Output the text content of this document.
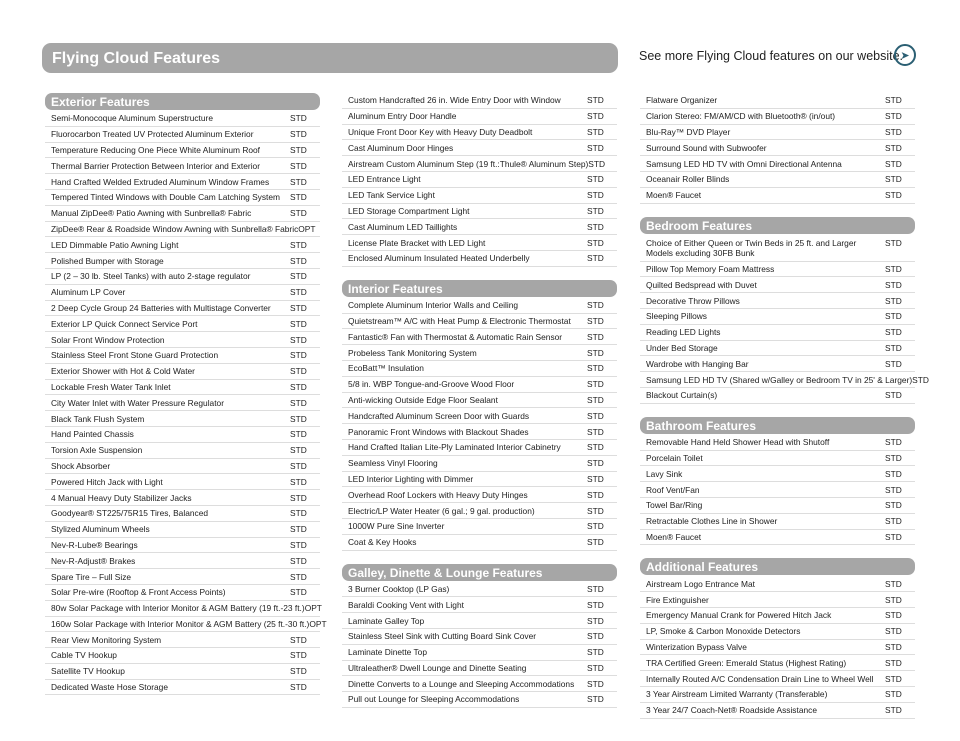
Flying Cloud Features	See more Flying Cloud features on our website.
➤
Exterior Features
Semi-Monocoque Aluminum Superstructure	STD
Fluorocarbon Treated UV Protected Aluminum Exterior	STD
Temperature Reducing One Piece White Aluminum Roof	STD
Thermal Barrier Protection Between Interior and Exterior	STD
Hand Crafted Welded Extruded Aluminum Window Frames	STD
Tempered Tinted Windows with Double Cam Latching System	STD
Manual ZipDee® Patio Awning with Sunbrella® Fabric	STD
ZipDee® Rear & Roadside Window Awning with Sunbrella® Fabric OPT
LED Dimmable Patio Awning Light	STD
Polished Bumper with Storage	STD
LP (2 – 30 lb. Steel Tanks) with auto 2-stage regulator	STD
Aluminum LP Cover	STD
2 Deep Cycle Group 24 Batteries with Multistage Converter	STD
Exterior LP Quick Connect Service Port	STD
Solar Front Window Protection	STD
Stainless Steel Front Stone Guard Protection	STD
Exterior Shower with Hot & Cold Water	STD
Lockable Fresh Water Tank Inlet	STD
City Water Inlet with Water Pressure Regulator	STD
Black Tank Flush System	STD
Hand Painted Chassis	STD
Torsion Axle Suspension	STD
Shock Absorber	STD
Powered Hitch Jack with Light	STD
4 Manual Heavy Duty Stabilizer Jacks	STD
Goodyear® ST225/75R15 Tires, Balanced	STD
Stylized Aluminum Wheels	STD
Nev-R-Lube® Bearings	STD
Nev-R-Adjust® Brakes	STD
Spare Tire – Full Size	STD
Solar Pre-wire (Rooftop & Front Access Points)	STD
80w Solar Package with Interior Monitor & AGM Battery (19 ft.-23 ft.) OPT
160w Solar Package with Interior Monitor & AGM Battery (25 ft.-30 ft.) OPT
Rear View Monitoring System	STD
Cable TV Hookup	STD
Satellite TV Hookup	STD
Dedicated Waste Hose Storage	STD
Custom Handcrafted 26 in. Wide Entry Door with Window	STD
Aluminum Entry Door Handle	STD
Unique Front Door Key with Heavy Duty Deadbolt	STD
Cast Aluminum Door Hinges	STD
Airstream Custom Aluminum Step (19 ft.:Thule® Aluminum Step) STD
LED Entrance Light	STD
LED Tank Service Light	STD
LED Storage Compartment Light	STD
Cast Aluminum LED Taillights	STD
License Plate Bracket with LED Light	STD
Enclosed Aluminum Insulated Heated Underbelly	STD
Interior Features
Complete Aluminum Interior Walls and Ceiling	STD
Quietstream™ A/C with Heat Pump & Electronic Thermostat	STD
Fantastic® Fan with Thermostat & Automatic Rain Sensor	STD
Probeless Tank Monitoring System	STD
EcoBatt™ Insulation	STD
5/8 in. WBP Tongue-and-Groove Wood Floor	STD
Anti-wicking Outside Edge Floor Sealant	STD
Handcrafted Aluminum Screen Door with Guards	STD
Panoramic Front Windows with Blackout Shades	STD
Hand Crafted Italian Lite-Ply Laminated Interior Cabinetry	STD
Seamless Vinyl Flooring	STD
LED Interior Lighting with Dimmer	STD
Overhead Roof Lockers with Heavy Duty Hinges	STD
Electric/LP Water Heater (6 gal.; 9 gal. production)	STD
1000W Pure Sine Inverter	STD
Coat & Key Hooks	STD
Galley, Dinette & Lounge Features
3 Burner Cooktop (LP Gas)	STD
Baraldi Cooking Vent with Light	STD
Laminate Galley Top	STD
Stainless Steel Sink with Cutting Board Sink Cover	STD
Laminate Dinette Top	STD
Ultraleather® Dwell Lounge and Dinette Seating	STD
Dinette Converts to a Lounge and Sleeping Accommodations	STD
Pull out Lounge for Sleeping Accommodations	STD
Flatware Organizer	STD
Clarion Stereo: FM/AM/CD with Bluetooth® (in/out)	STD
Blu-Ray™ DVD Player	STD
Surround Sound with Subwoofer	STD
Samsung LED HD TV with Omni Directional Antenna	STD
Oceanair Roller Blinds	STD
Moen® Faucet	STD
Bedroom Features
Choice of Either Queen or Twin Beds in 25 ft. and Larger Models excluding 30FB Bunk
STD
Pillow Top Memory Foam Mattress	STD
Quilted Bedspread with Duvet	STD
Decorative Throw Pillows	STD
Sleeping Pillows	STD
Reading LED Lights	STD
Under Bed Storage	STD
Wardrobe with Hanging Bar	STD
Samsung LED HD TV (Shared w/Galley or Bedroom TV in 25' & Larger) STD
Blackout Curtain(s)	STD
Bathroom Features
Removable Hand Held Shower Head with Shutoff	STD
Porcelain Toilet	STD
Lavy Sink	STD
Roof Vent/Fan	STD
Towel Bar/Ring	STD
Retractable Clothes Line in Shower	STD
Moen® Faucet	STD
Additional Features
Airstream Logo Entrance Mat	STD
Fire Extinguisher	STD
Emergency Manual Crank for Powered Hitch Jack	STD
LP, Smoke & Carbon Monoxide Detectors	STD
Winterization Bypass Valve	STD
TRA Certified Green: Emerald Status (Highest Rating)	STD
Internally Routed A/C Condensation Drain Line to Wheel Well	STD
3 Year Airstream Limited Warranty (Transferable)	STD
3 Year 24/7 Coach-Net® Roadside Assistance	STD
